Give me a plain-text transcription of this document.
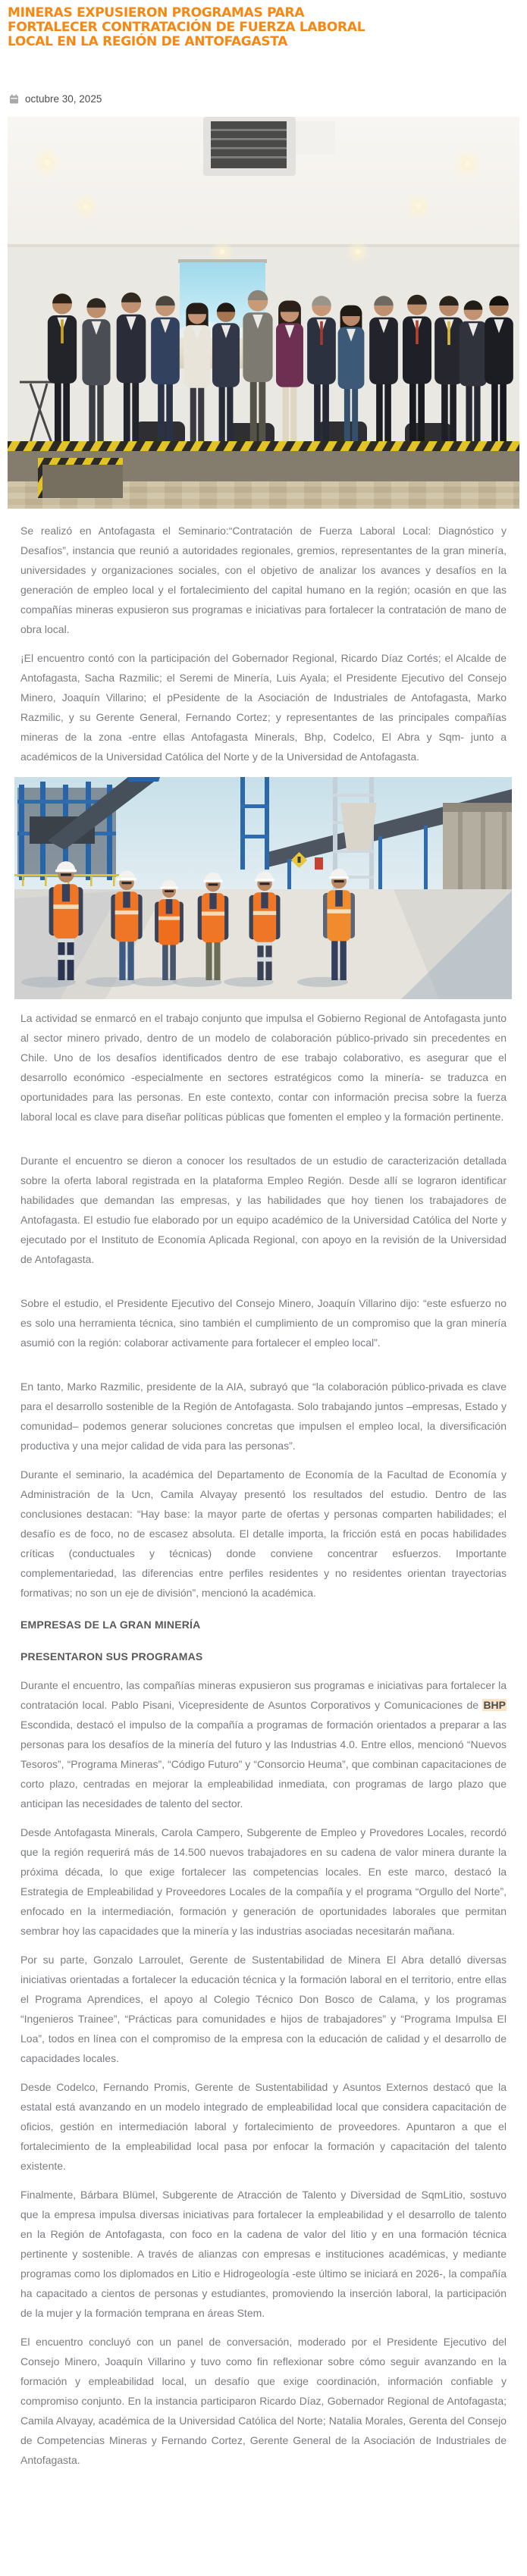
MINERAS EXPUSIERON PROGRAMAS PARA
FORTALECER CONTRATACIÓN DE FUERZA LABORAL
LOCAL EN LA REGIÓN DE ANTOFAGASTA
octubre 30, 2025

Se realizó en Antofagasta el Seminario:“Contratación de Fuerza Laboral Local: Diagnóstico y Desafíos”, instancia que reunió a autoridades regionales, gremios, representantes de la gran minería, universidades y organizaciones sociales, con el objetivo de analizar los avances y desafíos en la generación de empleo local y el fortalecimiento del capital humano en la región; ocasión en que las compañías mineras expusieron sus programas e iniciativas para fortalecer la contratación de mano de obra local.

¡El encuentro contó con la participación del Gobernador Regional, Ricardo Díaz Cortés; el Alcalde de Antofagasta, Sacha Razmilic; el Seremi de Minería, Luis Ayala; el Presidente Ejecutivo del Consejo Minero, Joaquín Villarino; el pPesidente de la Asociación de Industriales de Antofagasta, Marko Razmilic, y su Gerente General, Fernando Cortez; y representantes de las principales compañías mineras de la zona -entre ellas Antofagasta Minerals, Bhp, Codelco, El Abra y Sqm- junto a académicos de la Universidad Católica del Norte y de la Universidad de Antofagasta.

La actividad se enmarcó en el trabajo conjunto que impulsa el Gobierno Regional de Antofagasta junto al sector minero privado, dentro de un modelo de colaboración público-privado sin precedentes en Chile. Uno de los desafíos identificados dentro de ese trabajo colaborativo, es asegurar que el desarrollo económico -especialmente en sectores estratégicos como la minería- se traduzca en oportunidades para las personas. En este contexto, contar con información precisa sobre la fuerza laboral local es clave para diseñar políticas públicas que fomenten el empleo y la formación pertinente.

Durante el encuentro se dieron a conocer los resultados de un estudio de caracterización detallada sobre la oferta laboral registrada en la plataforma Empleo Región. Desde allí se lograron identificar habilidades que demandan las empresas, y las habilidades que hoy tienen los trabajadores de Antofagasta. El estudio fue elaborado por un equipo académico de la Universidad Católica del Norte y ejecutado por el Instituto de Economía Aplicada Regional, con apoyo en la revisión de la Universidad de Antofagasta.

Sobre el estudio, el Presidente Ejecutivo del Consejo Minero, Joaquín Villarino dijo: “este esfuerzo no es solo una herramienta técnica, sino también el cumplimiento de un compromiso que la gran minería asumió con la región: colaborar activamente para fortalecer el empleo local”.

En tanto, Marko Razmilic, presidente de la AIA, subrayó que “la colaboración público-privada es clave para el desarrollo sostenible de la Región de Antofagasta. Solo trabajando juntos –empresas, Estado y comunidad– podemos generar soluciones concretas que impulsen el empleo local, la diversificación productiva y una mejor calidad de vida para las personas”.

Durante el seminario, la académica del Departamento de Economía de la Facultad de Economía y Administración de la Ucn, Camila Alvayay presentó los resultados del estudio. Dentro de las conclusiones destacan: “Hay base: la mayor parte de ofertas y personas comparten habilidades; el desafío es de foco, no de escasez absoluta. El detalle importa, la fricción está en pocas habilidades críticas (conductuales y técnicas) donde conviene concentrar esfuerzos. Importante complementariedad, las diferencias entre perfiles residentes y no residentes orientan trayectorias formativas; no son un eje de división”, mencionó la académica.

EMPRESAS DE LA GRAN MINERÍA
PRESENTARON SUS PROGRAMAS

Durante el encuentro, las compañías mineras expusieron sus programas e iniciativas para fortalecer la contratación local. Pablo Pisani, Vicepresidente de Asuntos Corporativos y Comunicaciones de BHP Escondida, destacó el impulso de la compañía a programas de formación orientados a preparar a las personas para los desafíos de la minería del futuro y las Industrias 4.0. Entre ellos, mencionó “Nuevos Tesoros”, “Programa Mineras”, “Código Futuro” y “Consorcio Heuma”, que combinan capacitaciones de corto plazo, centradas en mejorar la empleabilidad inmediata, con programas de largo plazo que anticipan las necesidades de talento del sector.

Desde Antofagasta Minerals, Carola Campero, Subgerente de Empleo y Provedores Locales, recordó que la región requerirá más de 14.500 nuevos trabajadores en su cadena de valor minera durante la próxima década, lo que exige fortalecer las competencias locales. En este marco, destacó la Estrategia de Empleabilidad y Proveedores Locales de la compañía y el programa “Orgullo del Norte”, enfocado en la intermediación, formación y generación de oportunidades laborales que permitan sembrar hoy las capacidades que la minería y las industrias asociadas necesitarán mañana.

Por su parte, Gonzalo Larroulet, Gerente de Sustentabilidad de Minera El Abra detalló diversas iniciativas orientadas a fortalecer la educación técnica y la formación laboral en el territorio, entre ellas el Programa Aprendices, el apoyo al Colegio Técnico Don Bosco de Calama, y los programas “Ingenieros Trainee”, “Prácticas para comunidades e hijos de trabajadores” y “Programa Impulsa El Loa”, todos en línea con el compromiso de la empresa con la educación de calidad y el desarrollo de capacidades locales.

Desde Codelco, Fernando Promis, Gerente de Sustentabilidad y Asuntos Externos destacó que la estatal está avanzando en un modelo integrado de empleabilidad local que considera capacitación de oficios, gestión en intermediación laboral y fortalecimiento de proveedores. Apuntaron a que el fortalecimiento de la empleabilidad local pasa por enfocar la formación y capacitación del talento existente.

Finalmente, Bárbara Blümel, Subgerente de Atracción de Talento y Diversidad de SqmLitio, sostuvo que la empresa impulsa diversas iniciativas para fortalecer la empleabilidad y el desarrollo de talento en la Región de Antofagasta, con foco en la cadena de valor del litio y en una formación técnica pertinente y sostenible. A través de alianzas con empresas e instituciones académicas, y mediante programas como los diplomados en Litio e Hidrogeología -este último se iniciará en 2026-, la compañía ha capacitado a cientos de personas y estudiantes, promoviendo la inserción laboral, la participación de la mujer y la formación temprana en áreas Stem.

El encuentro concluyó con un panel de conversación, moderado por el Presidente Ejecutivo del Consejo Minero, Joaquín Villarino y tuvo como fin reflexionar sobre cómo seguir avanzando en la formación y empleabilidad local, un desafío que exige coordinación, información confiable y compromiso conjunto. En la instancia participaron Ricardo Díaz, Gobernador Regional de Antofagasta; Camila Alvayay, académica de la Universidad Católica del Norte; Natalia Morales, Gerenta del Consejo de Competencias Mineras y Fernando Cortez, Gerente General de la Asociación de Industriales de Antofagasta.
